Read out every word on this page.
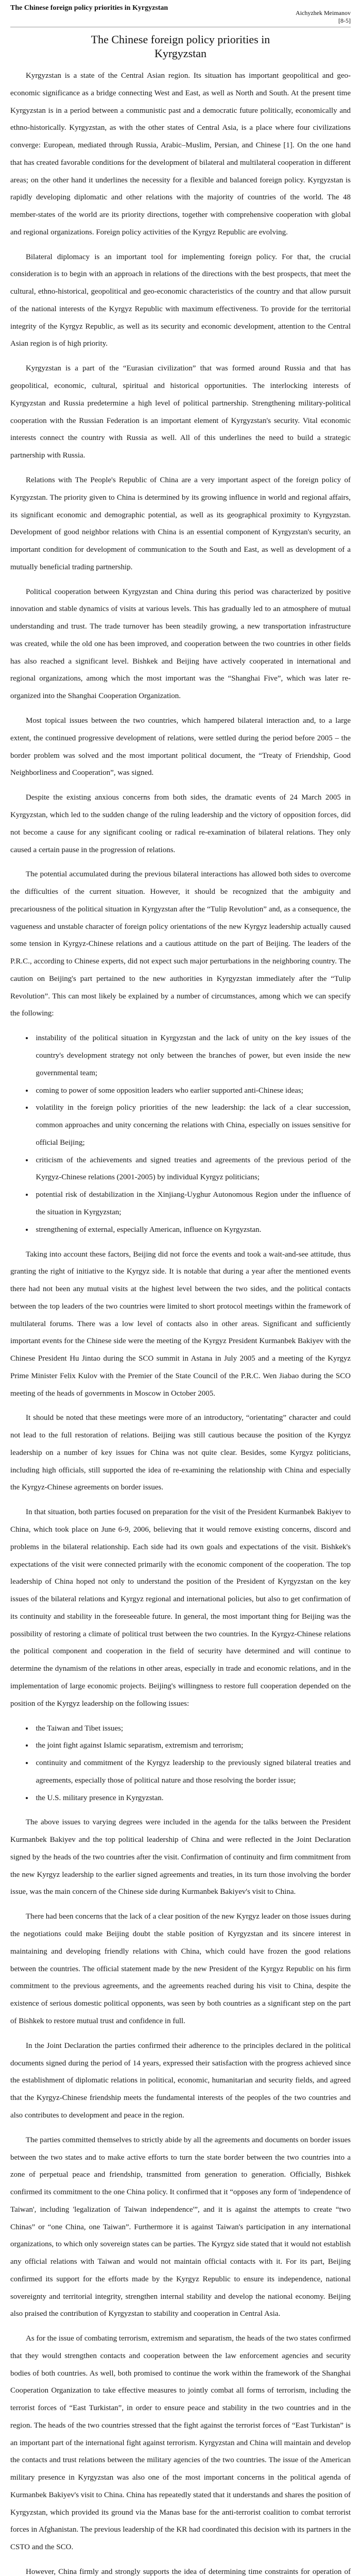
The Chinese foreign policy priorities in Kyrgyzstan
Aichyzhek Meimanov
[8-5]
The Chinese foreign policy priorities in Kyrgyzstan

Kyrgyzstan is a state of the Central Asian region. Its situation has important geopolitical and geo-economic significance as a bridge connecting West and East, as well as North and South. At the present time Kyrgyzstan is in a period between a communistic past and a democratic future politically, economically and ethno-historically. Kyrgyzstan, as with the other states of Central Asia, is a place where four civilizations converge: European, mediated through Russia, Arabic–Muslim, Persian, and Chinese [1]. On the one hand that has created favorable conditions for the development of bilateral and multilateral cooperation in different areas; on the other hand it underlines the necessity for a flexible and balanced foreign policy. Kyrgyzstan is rapidly developing diplomatic and other relations with the majority of countries of the world. The 48 member-states of the world are its priority directions, together with comprehensive cooperation with global and regional organizations. Foreign policy activities of the Kyrgyz Republic are evolving.

Bilateral diplomacy is an important tool for implementing foreign policy. For that, the crucial consideration is to begin with an approach in relations of the directions with the best prospects, that meet the cultural, ethno-historical, geopolitical and geo-economic characteristics of the country and that allow pursuit of the national interests of the Kyrgyz Republic with maximum effectiveness. To provide for the territorial integrity of the Kyrgyz Republic, as well as its security and economic development, attention to the Central Asian region is of high priority.

Kyrgyzstan is a part of the “Eurasian civilization” that was formed around Russia and that has geopolitical, economic, cultural, spiritual and historical opportunities. The interlocking interests of Kyrgyzstan and Russia predetermine a high level of political partnership. Strengthening military-political cooperation with the Russian Federation is an important element of Kyrgyzstan's security. Vital economic interests connect the country with Russia as well. All of this underlines the need to build a strategic partnership with Russia.

Relations with The People's Republic of China are a very important aspect of the foreign policy of Kyrgyzstan. The priority given to China is determined by its growing influence in world and regional affairs, its significant economic and demographic potential, as well as its geographical proximity to Kyrgyzstan. Development of good neighbor relations with China is an essential component of Kyrgyzstan's security, an important condition for development of communication to the South and East, as well as development of a mutually beneficial trading partnership.

Political cooperation between Kyrgyzstan and China during this period was characterized by positive innovation and stable dynamics of visits at various levels. This has gradually led to an atmosphere of mutual understanding and trust. The trade turnover has been steadily growing, a new transportation infrastructure was created, while the old one has been improved, and cooperation between the two countries in other fields has also reached a significant level. Bishkek and Beijing have actively cooperated in international and regional organizations, among which the most important was the “Shanghai Five”, which was later re-organized into the Shanghai Cooperation Organization.

Most topical issues between the two countries, which hampered bilateral interaction and, to a large extent, the continued progressive development of relations, were settled during the period before 2005 – the border problem was solved and the most important political document, the “Treaty of Friendship, Good Neighborliness and Cooperation”, was signed.

Despite the existing anxious concerns from both sides, the dramatic events of 24 March 2005 in Kyrgyzstan, which led to the sudden change of the ruling leadership and the victory of opposition forces, did not become a cause for any significant cooling or radical re-examination of bilateral relations. They only caused a certain pause in the progression of relations.

The potential accumulated during the previous bilateral interactions has allowed both sides to overcome the difficulties of the current situation. However, it should be recognized that the ambiguity and precariousness of the political situation in Kyrgyzstan after the “Tulip Revolution” and, as a consequence, the vagueness and unstable character of foreign policy orientations of the new Kyrgyz leadership actually caused some tension in Kyrgyz-Chinese relations and a cautious attitude on the part of Beijing. The leaders of the P.R.C., according to Chinese experts, did not expect such major perturbations in the neighboring country. The caution on Beijing's part pertained to the new authorities in Kyrgyzstan immediately after the “Tulip Revolution”. This can most likely be explained by a number of circumstances, among which we can specify the following:

• instability of the political situation in Kyrgyzstan and the lack of unity on the key issues of the country's development strategy not only between the branches of power, but even inside the new governmental team;
• coming to power of some opposition leaders who earlier supported anti-Chinese ideas;
• volatility in the foreign policy priorities of the new leadership: the lack of a clear succession, common approaches and unity concerning the relations with China, especially on issues sensitive for official Beijing;
• criticism of the achievements and signed treaties and agreements of the previous period of the Kyrgyz-Chinese relations (2001-2005) by individual Kyrgyz politicians;
• potential risk of destabilization in the Xinjiang-Uyghur Autonomous Region under the influence of the situation in Kyrgyzstan;
• strengthening of external, especially American, influence on Kyrgyzstan.

Taking into account these factors, Beijing did not force the events and took a wait-and-see attitude, thus granting the right of initiative to the Kyrgyz side. It is notable that during a year after the mentioned events there had not been any mutual visits at the highest level between the two sides, and the political contacts between the top leaders of the two countries were limited to short protocol meetings within the framework of multilateral forums. There was a low level of contacts also in other areas. Significant and sufficiently important events for the Chinese side were the meeting of the Kyrgyz President Kurmanbek Bakiyev with the Chinese President Hu Jintao during the SCO summit in Astana in July 2005 and a meeting of the Kyrgyz Prime Minister Felix Kulov with the Premier of the State Council of the P.R.C. Wen Jiabao during the SCO meeting of the heads of governments in Moscow in October 2005.

It should be noted that these meetings were more of an introductory, “orientating” character and could not lead to the full restoration of relations. Beijing was still cautious because the position of the Kyrgyz leadership on a number of key issues for China was not quite clear. Besides, some Kyrgyz politicians, including high officials, still supported the idea of re-examining the relationship with China and especially the Kyrgyz-Chinese agreements on border issues.

In that situation, both parties focused on preparation for the visit of the President Kurmanbek Bakiyev to China, which took place on June 6-9, 2006, believing that it would remove existing concerns, discord and problems in the bilateral relationship. Each side had its own goals and expectations of the visit. Bishkek's expectations of the visit were connected primarily with the economic component of the cooperation. The top leadership of China hoped not only to understand the position of the President of Kyrgyzstan on the key issues of the bilateral relations and Kyrgyz regional and international policies, but also to get confirmation of its continuity and stability in the foreseeable future. In general, the most important thing for Beijing was the possibility of restoring a climate of political trust between the two countries. In the Kyrgyz-Chinese relations the political component and cooperation in the field of security have determined and will continue to determine the dynamism of the relations in other areas, especially in trade and economic relations, and in the implementation of large economic projects. Beijing's willingness to restore full cooperation depended on the position of the Kyrgyz leadership on the following issues:

• the Taiwan and Tibet issues;
• the joint fight against Islamic separatism, extremism and terrorism;
• continuity and commitment of the Kyrgyz leadership to the previously signed bilateral treaties and agreements, especially those of political nature and those resolving the border issue;
• the U.S. military presence in Kyrgyzstan.

The above issues to varying degrees were included in the agenda for the talks between the President Kurmanbek Bakiyev and the top political leadership of China and were reflected in the Joint Declaration signed by the heads of the two countries after the visit. Confirmation of continuity and firm commitment from the new Kyrgyz leadership to the earlier signed agreements and treaties, in its turn those involving the border issue, was the main concern of the Chinese side during Kurmanbek Bakiyev's visit to China.

There had been concerns that the lack of a clear position of the new Kyrgyz leader on those issues during the negotiations could make Beijing doubt the stable position of Kyrgyzstan and its sincere interest in maintaining and developing friendly relations with China, which could have frozen the good relations between the countries. The official statement made by the new President of the Kyrgyz Republic on his firm commitment to the previous agreements, and the agreements reached during his visit to China, despite the existence of serious domestic political opponents, was seen by both countries as a significant step on the part of Bishkek to restore mutual trust and confidence in full.

In the Joint Declaration the parties confirmed their adherence to the principles declared in the political documents signed during the period of 14 years, expressed their satisfaction with the progress achieved since the establishment of diplomatic relations in political, economic, humanitarian and security fields, and agreed that the Kyrgyz-Chinese friendship meets the fundamental interests of the peoples of the two countries and also contributes to development and peace in the region.

The parties committed themselves to strictly abide by all the agreements and documents on border issues between the two states and to make active efforts to turn the state border between the two countries into a zone of perpetual peace and friendship, transmitted from generation to generation. Officially, Bishkek confirmed its commitment to the one China policy. It confirmed that it “opposes any form of 'independence of Taiwan', including 'legalization of Taiwan independence'”, and it is against the attempts to create “two Chinas” or “one China, one Taiwan”. Furthermore it is against Taiwan's participation in any international organizations, to which only sovereign states can be parties. The Kyrgyz side stated that it would not establish any official relations with Taiwan and would not maintain official contacts with it. For its part, Beijing confirmed its support for the efforts made by the Kyrgyz Republic to ensure its independence, national sovereignty and territorial integrity, strengthen internal stability and develop the national economy. Beijing also praised the contribution of Kyrgyzstan to stability and cooperation in Central Asia.

As for the issue of combating terrorism, extremism and separatism, the heads of the two states confirmed that they would strengthen contacts and cooperation between the law enforcement agencies and security bodies of both countries. As well, both promised to continue the work within the framework of the Shanghai Cooperation Organization to take effective measures to jointly combat all forms of terrorism, including the terrorist forces of “East Turkistan”, in order to ensure peace and stability in the two countries and in the region. The heads of the two countries stressed that the fight against the terrorist forces of “East Turkistan” is an important part of the international fight against terrorism. Kyrgyzstan and China will maintain and develop the contacts and trust relations between the military agencies of the two countries. The issue of the American military presence in Kyrgyzstan was also one of the most important concerns in the political agenda of Kurmanbek Bakiyev's visit to China. China has repeatedly stated that it understands and shares the position of Kyrgyzstan, which provided its ground via the Manas base for the anti-terrorist coalition to combat terrorist forces in Afghanistan. The previous leadership of the KR had coordinated this decision with its partners in the CSTO and the SCO.

However, China firmly and strongly supports the idea of determining time constraints for operation of
